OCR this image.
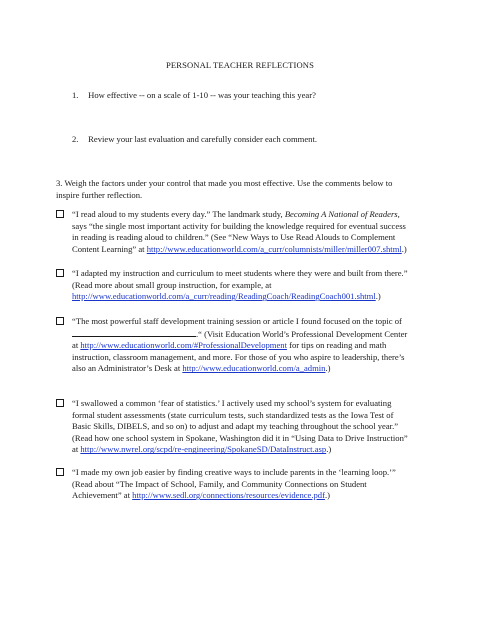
PERSONAL TEACHER REFLECTIONS
1. How effective -- on a scale of 1-10 -- was your teaching this year?
2. Review your last evaluation and carefully consider each comment.
3. Weigh the factors under your control that made you most effective. Use the comments below to inspire further reflection.
“I read aloud to my students every day.” The landmark study, Becoming A National of Readers, says “the single most important activity for building the knowledge required for eventual success in reading is reading aloud to children.” (See “New Ways to Use Read Alouds to Complement Content Learning” at http://www.educationworld.com/a_curr/columnists/miller/miller007.shtml.)
“I adapted my instruction and curriculum to meet students where they were and built from there.” (Read more about small group instruction, for example, at http://www.educationworld.com/a_curr/reading/ReadingCoach/ReadingCoach001.shtml.)
“The most powerful staff development training session or article I found focused on the topic of .“ (Visit Education World’s Professional Development Center at http://www.educationworld.com/#ProfessionalDevelopment for tips on reading and math instruction, classroom management, and more. For those of you who aspire to leadership, there’s also an Administrator’s Desk at http://www.educationworld.com/a_admin.)
“I swallowed a common ‘fear of statistics.’ I actively used my school’s system for evaluating formal student assessments (state curriculum tests, such standardized tests as the Iowa Test of Basic Skills, DIBELS, and so on) to adjust and adapt my teaching throughout the school year.” (Read how one school system in Spokane, Washington did it in “Using Data to Drive Instruction” at http://www.nwrel.org/scpd/re-engineering/SpokaneSD/DataInstruct.asp.)
“I made my own job easier by finding creative ways to include parents in the ‘learning loop.’” (Read about “The Impact of School, Family, and Community Connections on Student Achievement” at http://www.sedl.org/connections/resources/evidence.pdf.)
